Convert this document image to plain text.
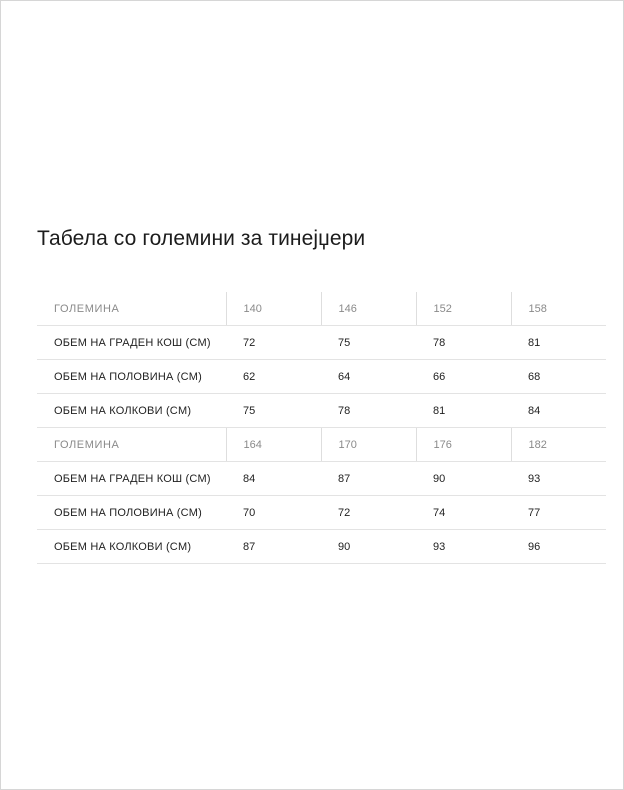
Табела со големини за тинејџери
ГОЛЕМИНА	140	146	152	158
ОБЕМ НА ГРАДЕН КОШ (CM)	72	75	78	81
ОБЕМ НА ПОЛОВИНА (CM)	62	64	66	68
ОБЕМ НА КОЛКОВИ (CM)	75	78	81	84
ГОЛЕМИНА	164	170	176	182
ОБЕМ НА ГРАДЕН КОШ (CM)	84	87	90	93
ОБЕМ НА ПОЛОВИНА (CM)	70	72	74	77
ОБЕМ НА КОЛКОВИ (CM)	87	90	93	96
